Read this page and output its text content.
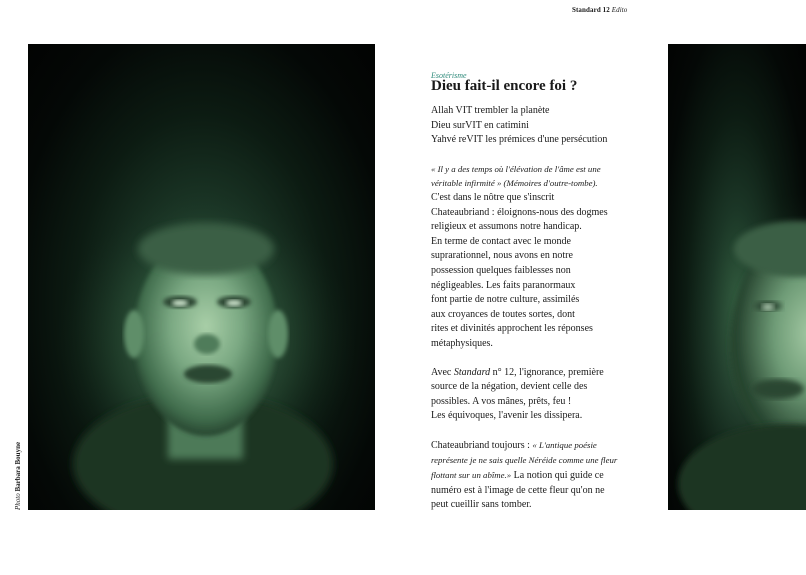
Standard 12 Edito
Photo Barbara Bouyne
Esotérisme
Dieu fait-il encore foi ?

Allah VIT trembler la planète
Dieu surVIT en catimini
Yahvé reVIT les prémices d'une persécution

« Il y a des temps où l'élévation de l'âme est une
véritable infirmité » (Mémoires d'outre-tombe).
C'est dans le nôtre que s'inscrit
Chateaubriand : éloignons-nous des dogmes
religieux et assumons notre handicap.
En terme de contact avec le monde
suprarationnel, nous avons en notre
possession quelques faiblesses non
négligeables. Les faits paranormaux
font partie de notre culture, assimilés
aux croyances de toutes sortes, dont
rites et divinités approchent les réponses
métaphysiques.

Avec Standard n° 12, l'ignorance, première
source de la négation, devient celle des
possibles. A vos mânes, prêts, feu !
Les équivoques, l'avenir les dissipera.

Chateaubriand toujours : « L'antique poésie
représente je ne sais quelle Néréide comme une fleur
flottant sur un abîme.» La notion qui guide ce
numéro est à l'image de cette fleur qu'on ne
peut cueillir sans tomber.
